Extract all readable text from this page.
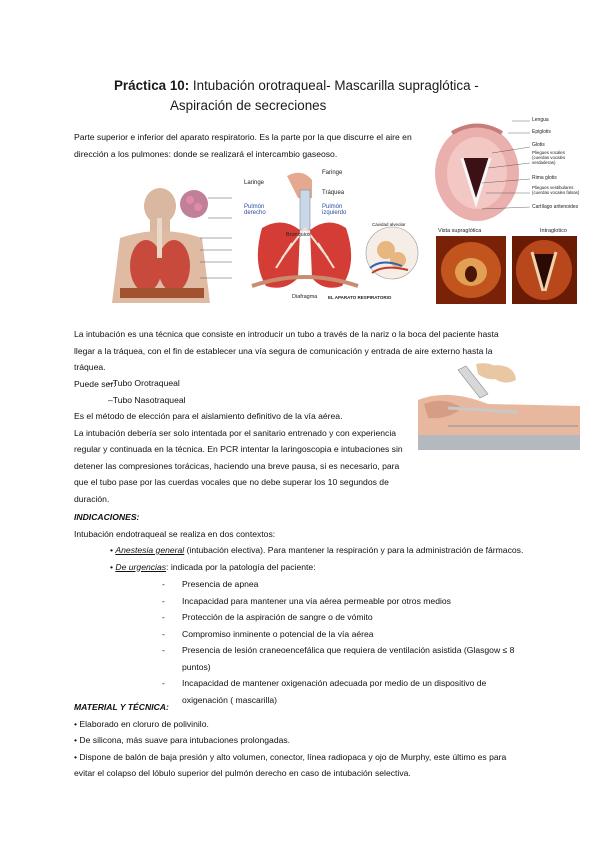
Práctica 10: Intubación orotraqueal- Mascarilla supraglótica -
Aspiración de secreciones
Parte superior e inferior del aparato respiratorio. Es la parte por la que discurre el aire en dirección a los pulmones: donde se realizará el intercambio gaseoso.
Laringe
Faringe
Tráquea
Pulmón derecho
Pulmón izquierdo
Bronquios
Diafragma
Cavidad alveolar
EL APARATO RESPIRATORIO
Lengua
Epiglotis
Glotis
Pliegues vocales (cuerdas vocales verdaderas)
Rima glotis
Pliegues vestibulares (cuerdas vocales falsas)
Cartílago aritenoides
Vista supraglótica	Intraglotico
La intubación es una técnica que consiste en introducir un tubo a través de la nariz o la boca del paciente hasta llegar a la tráquea, con el fin de establecer una vía segura de comunicación y entrada de aire externo hasta la tráquea.
Puede ser:
–Tubo Orotraqueal
–Tubo Nasotraqueal
Es el método de elección para el aislamiento definitivo de la vía aérea.
La intubación debería ser solo intentada por el sanitario entrenado y con experiencia regular y continuada en la técnica. En PCR intentar la laringoscopia e intubaciones sin detener las compresiones torácicas, haciendo una breve pausa, si es necesario, para que el tubo pase por las cuerdas vocales que no debe superar los 10 segundos de duración.
INDICACIONES:
Intubación endotraqueal se realiza en dos contextos:
• Anestesia general (intubación electiva). Para mantener la respiración y para la administración de fármacos.
• De urgencias: indicada por la patología del paciente:
-	Presencia de apnea
-	Incapacidad para mantener una vía aérea permeable por otros medios
-	Protección de la aspiración de sangre o de vómito
-	Compromiso inminente o potencial de la vía aérea
-	Presencia de lesión craneoencefálica que requiera de ventilación asistida (Glasgow ≤ 8 puntos)
-	Incapacidad de mantener oxigenación adecuada por medio de un dispositivo de oxigenación ( mascarilla)
MATERIAL Y TÉCNICA:
• Elaborado en cloruro de polivinilo.
• De silicona, más suave para intubaciones prolongadas.
• Dispone de balón de baja presión y alto volumen, conector, línea radiopaca y ojo de Murphy, este último es para evitar el colapso del lóbulo superior del pulmón derecho en caso de intubación selectiva.
